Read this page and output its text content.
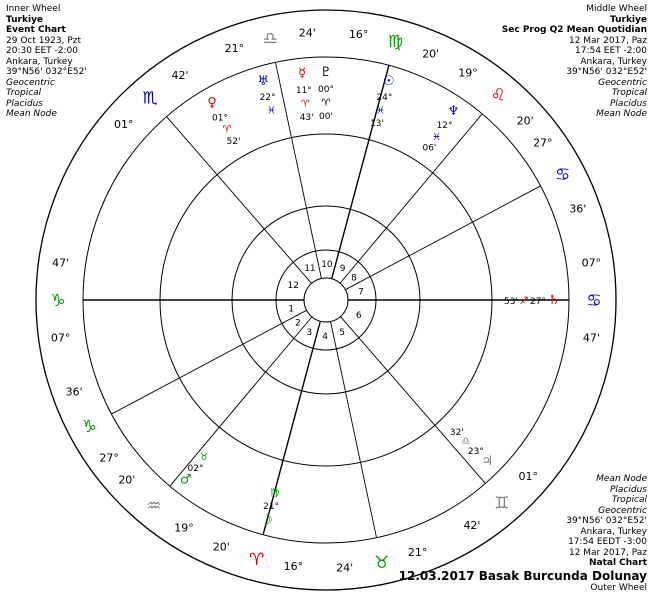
Inner Wheel
Turkiye
Event Chart
29 Oct 1923, Pzt
20:30 EET -2:00
Ankara, Turkey
39°N56' 032°E52'
Geocentric
Tropical
Placidus
Mean Node
Middle Wheel
Turkiye
Sec Prog Q2 Mean Quotidian
12 Mar 2017, Paz
17:54 EET -2:00
Ankara, Turkey
39°N56' 032°E52'
Geocentric
Tropical
Placidus
Mean Node
Mean Node
Placidus
Tropical
Geocentric
39°N56' 032°E52'
Ankara, Turkey
17:54 EEDT -3:00
12 Mar 2017, Paz
Natal Chart
12.03.2017 Basak Burcunda Dolunay
Outer Wheel
07°
♑
47'
27°
♑
36'
19°
♒
20'
16°
♈
20'	21°
♉
24'
01°
♊
42'
07°
♋
47'
27°
♋
36'
19°
♌
20'
16° ♍
20'
21° ♎ 24'
01°
♏
42'
1
2
3 4 5
6
7
8
9
10
11
12
♀
01°
♈
52'
♅
22°
♓
☿
11°
♈
43'
♇
00°
♈
00'
☉
24°
♓
13'
♆
12°
♓
06'
♄
27°
♐
53'
♃
23°
♎
32'
☽
21°
♍
♂
02°
♉
